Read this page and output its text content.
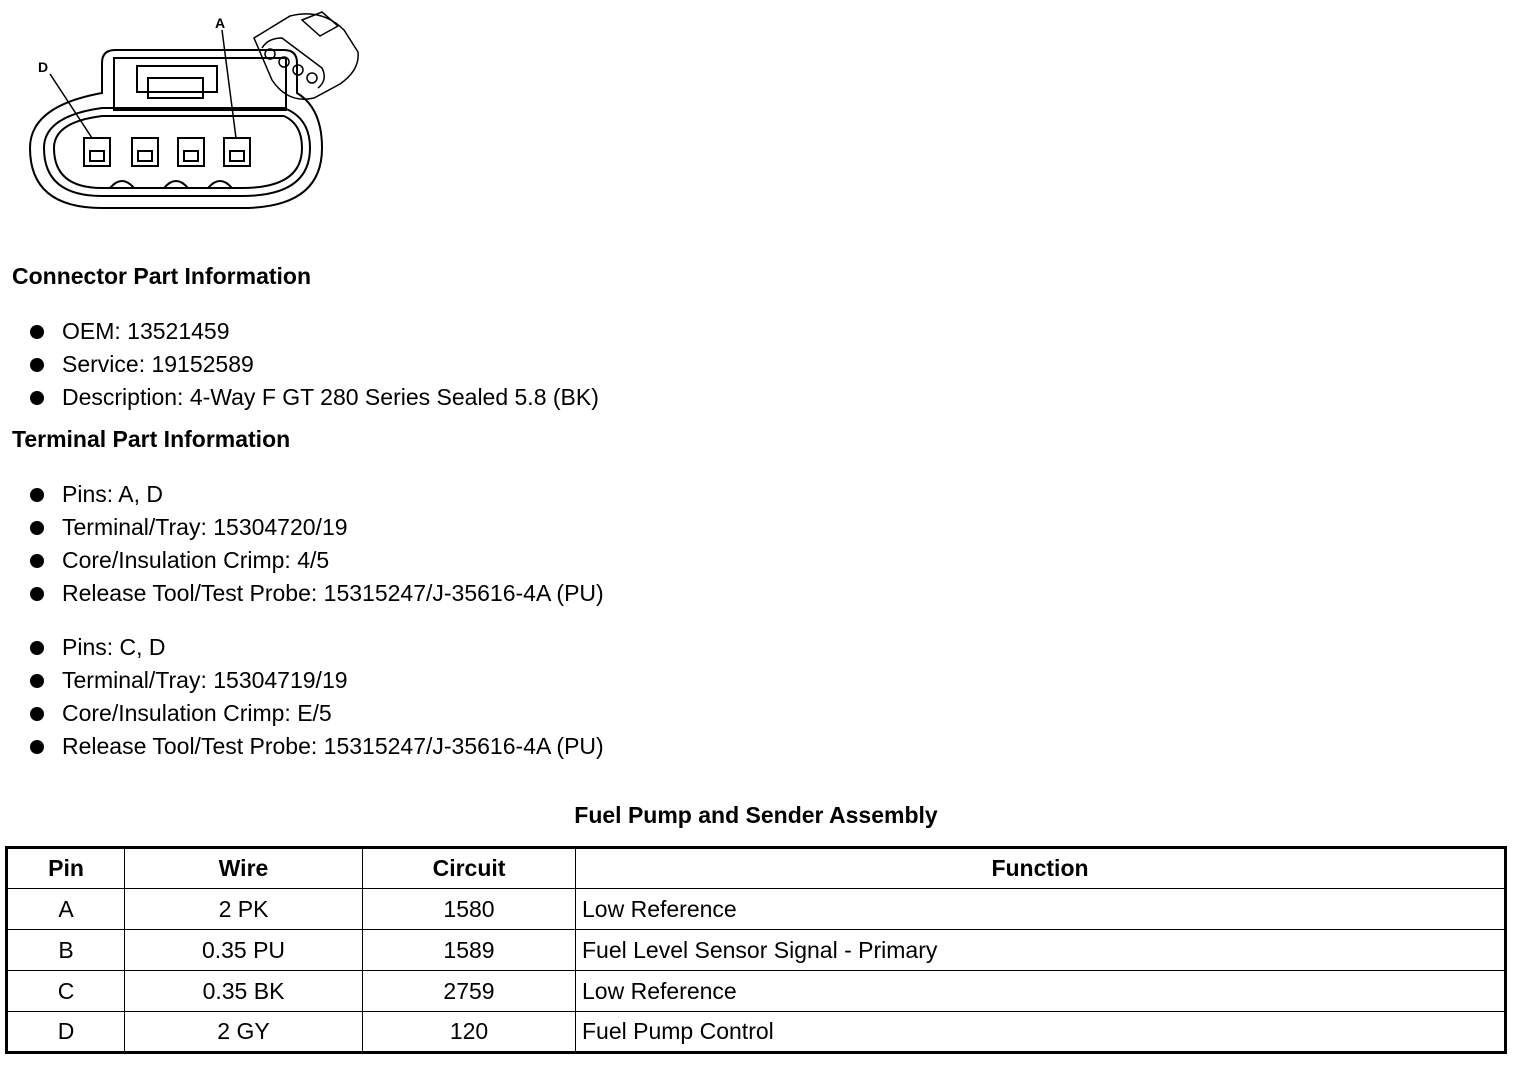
A
D
Connector Part Information
OEM: 13521459
Service: 19152589
Description: 4-Way F GT 280 Series Sealed 5.8 (BK)
Terminal Part Information
Pins: A, D
Terminal/Tray: 15304720/19
Core/Insulation Crimp: 4/5
Release Tool/Test Probe: 15315247/J-35616-4A (PU)
Pins: C, D
Terminal/Tray: 15304719/19
Core/Insulation Crimp: E/5
Release Tool/Test Probe: 15315247/J-35616-4A (PU)
Fuel Pump and Sender Assembly
Pin	Wire	Circuit	Function
A	2 PK	1580	Low Reference
B	0.35 PU	1589	Fuel Level Sensor Signal - Primary
C	0.35 BK	2759	Low Reference
D	2 GY	120	Fuel Pump Control
